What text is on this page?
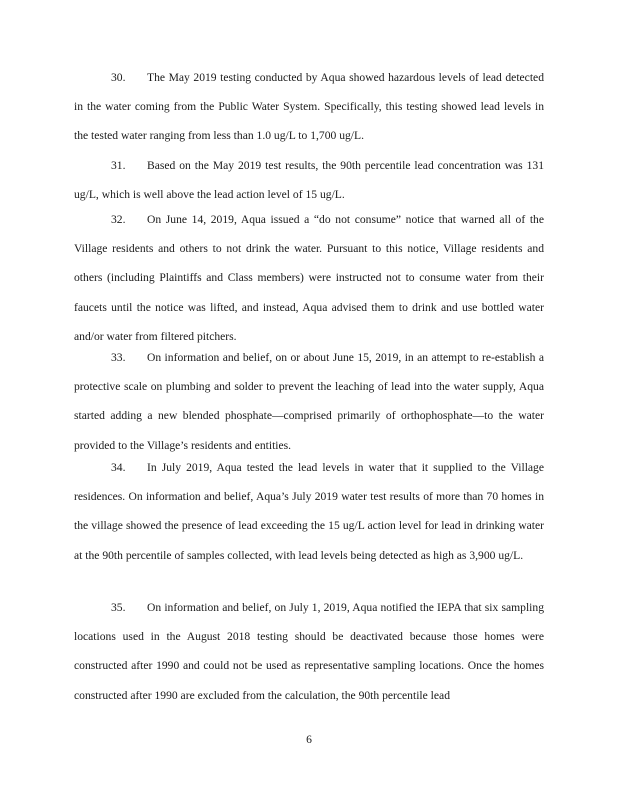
30. The May 2019 testing conducted by Aqua showed hazardous levels of lead detected in the water coming from the Public Water System. Specifically, this testing showed lead levels in the tested water ranging from less than 1.0 ug/L to 1,700 ug/L.

31. Based on the May 2019 test results, the 90th percentile lead concentration was 131 ug/L, which is well above the lead action level of 15 ug/L.

32. On June 14, 2019, Aqua issued a “do not consume” notice that warned all of the Village residents and others to not drink the water. Pursuant to this notice, Village residents and others (including Plaintiffs and Class members) were instructed not to consume water from their faucets until the notice was lifted, and instead, Aqua advised them to drink and use bottled water and/or water from filtered pitchers.

33. On information and belief, on or about June 15, 2019, in an attempt to re-establish a protective scale on plumbing and solder to prevent the leaching of lead into the water supply, Aqua started adding a new blended phosphate—comprised primarily of orthophosphate—to the water provided to the Village’s residents and entities.

34. In July 2019, Aqua tested the lead levels in water that it supplied to the Village residences. On information and belief, Aqua’s July 2019 water test results of more than 70 homes in the village showed the presence of lead exceeding the 15 ug/L action level for lead in drinking water at the 90th percentile of samples collected, with lead levels being detected as high as 3,900 ug/L.

35. On information and belief, on July 1, 2019, Aqua notified the IEPA that six sampling locations used in the August 2018 testing should be deactivated because those homes were constructed after 1990 and could not be used as representative sampling locations. Once the homes constructed after 1990 are excluded from the calculation, the 90th percentile lead

6
